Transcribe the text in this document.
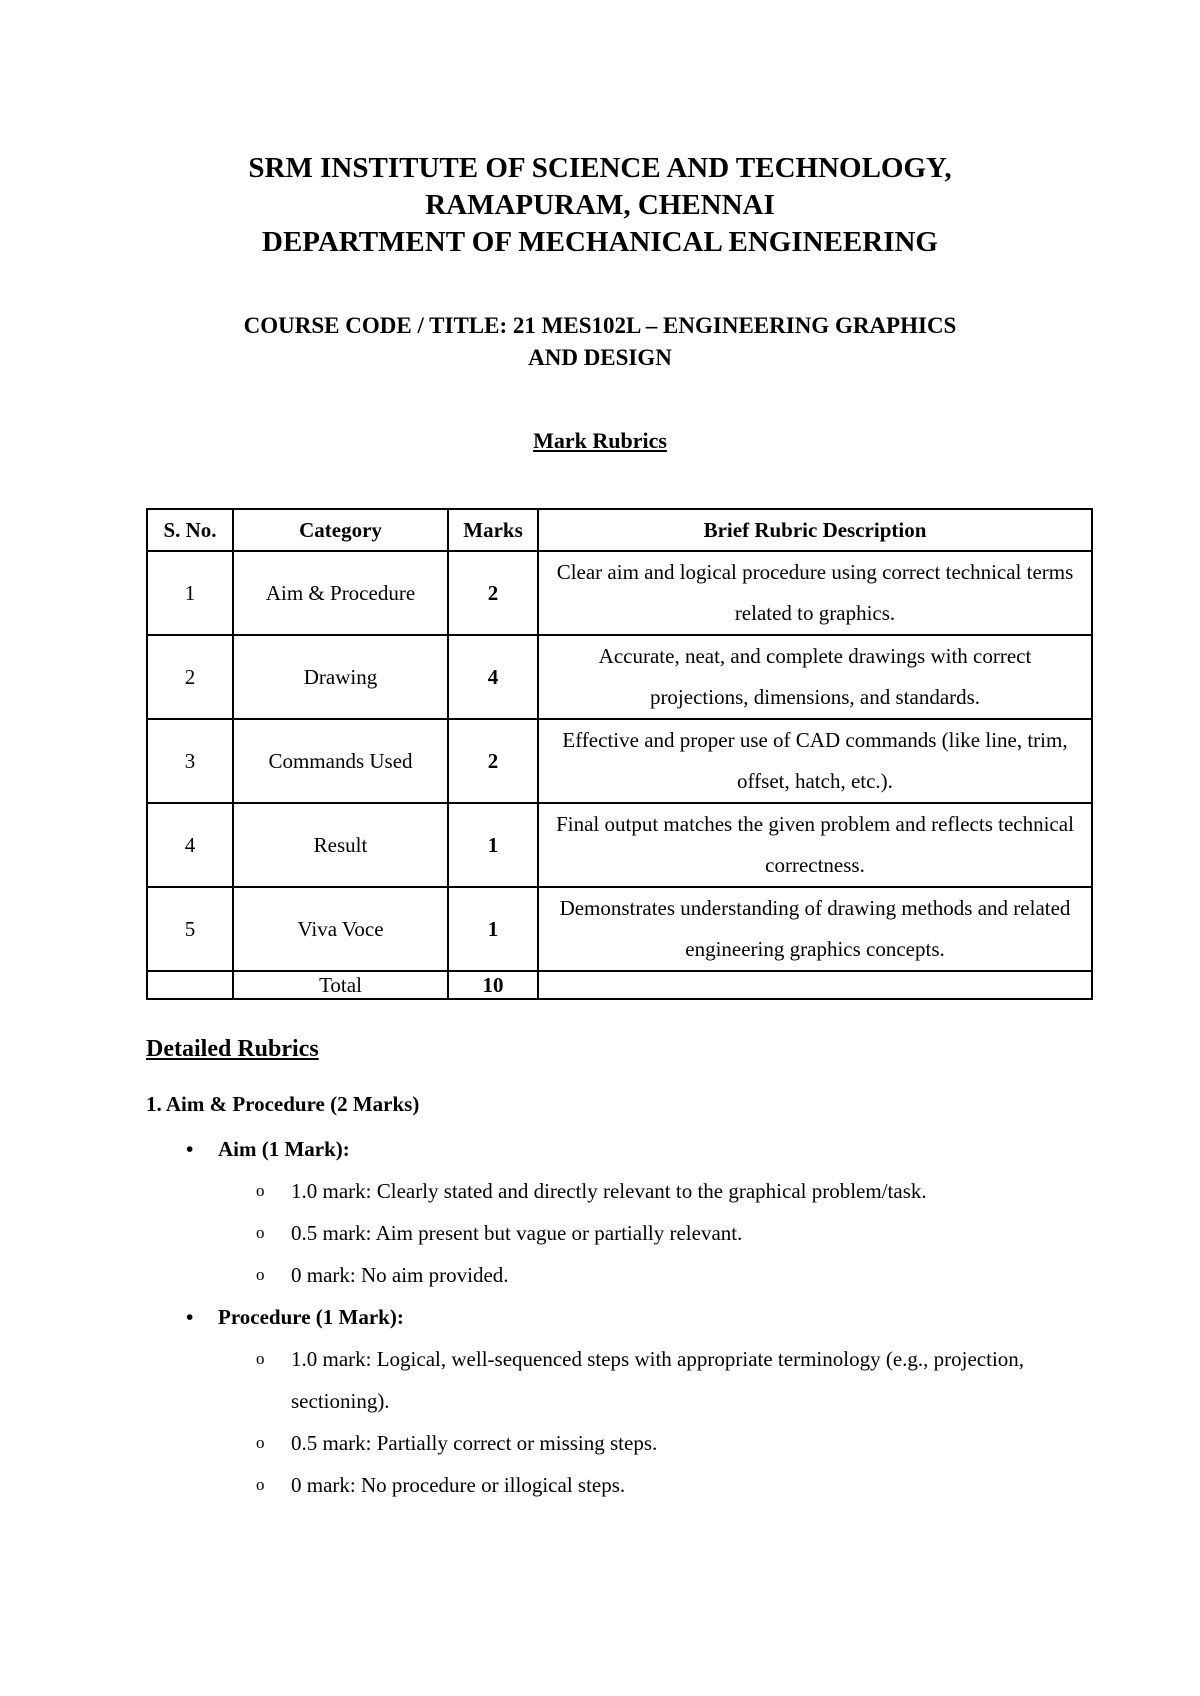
SRM INSTITUTE OF SCIENCE AND TECHNOLOGY,
RAMAPURAM, CHENNAI
DEPARTMENT OF MECHANICAL ENGINEERING
COURSE CODE / TITLE: 21 MES102L – ENGINEERING GRAPHICS
AND DESIGN
Mark Rubrics
S. No.	Category	Marks	Brief Rubric Description
1	Aim & Procedure	2	Clear aim and logical procedure using correct technical terms related to graphics.
2	Drawing	4	Accurate, neat, and complete drawings with correct projections, dimensions, and standards.
3	Commands Used	2	Effective and proper use of CAD commands (like line, trim, offset, hatch, etc.).
4	Result	1	Final output matches the given problem and reflects technical correctness.
5	Viva Voce	1	Demonstrates understanding of drawing methods and related engineering graphics concepts.
	Total	10	
Detailed Rubrics
1. Aim & Procedure (2 Marks)
• Aim (1 Mark):
o 1.0 mark: Clearly stated and directly relevant to the graphical problem/task.
o 0.5 mark: Aim present but vague or partially relevant.
o 0 mark: No aim provided.
• Procedure (1 Mark):
o 1.0 mark: Logical, well-sequenced steps with appropriate terminology (e.g., projection, sectioning).
o 0.5 mark: Partially correct or missing steps.
o 0 mark: No procedure or illogical steps.
